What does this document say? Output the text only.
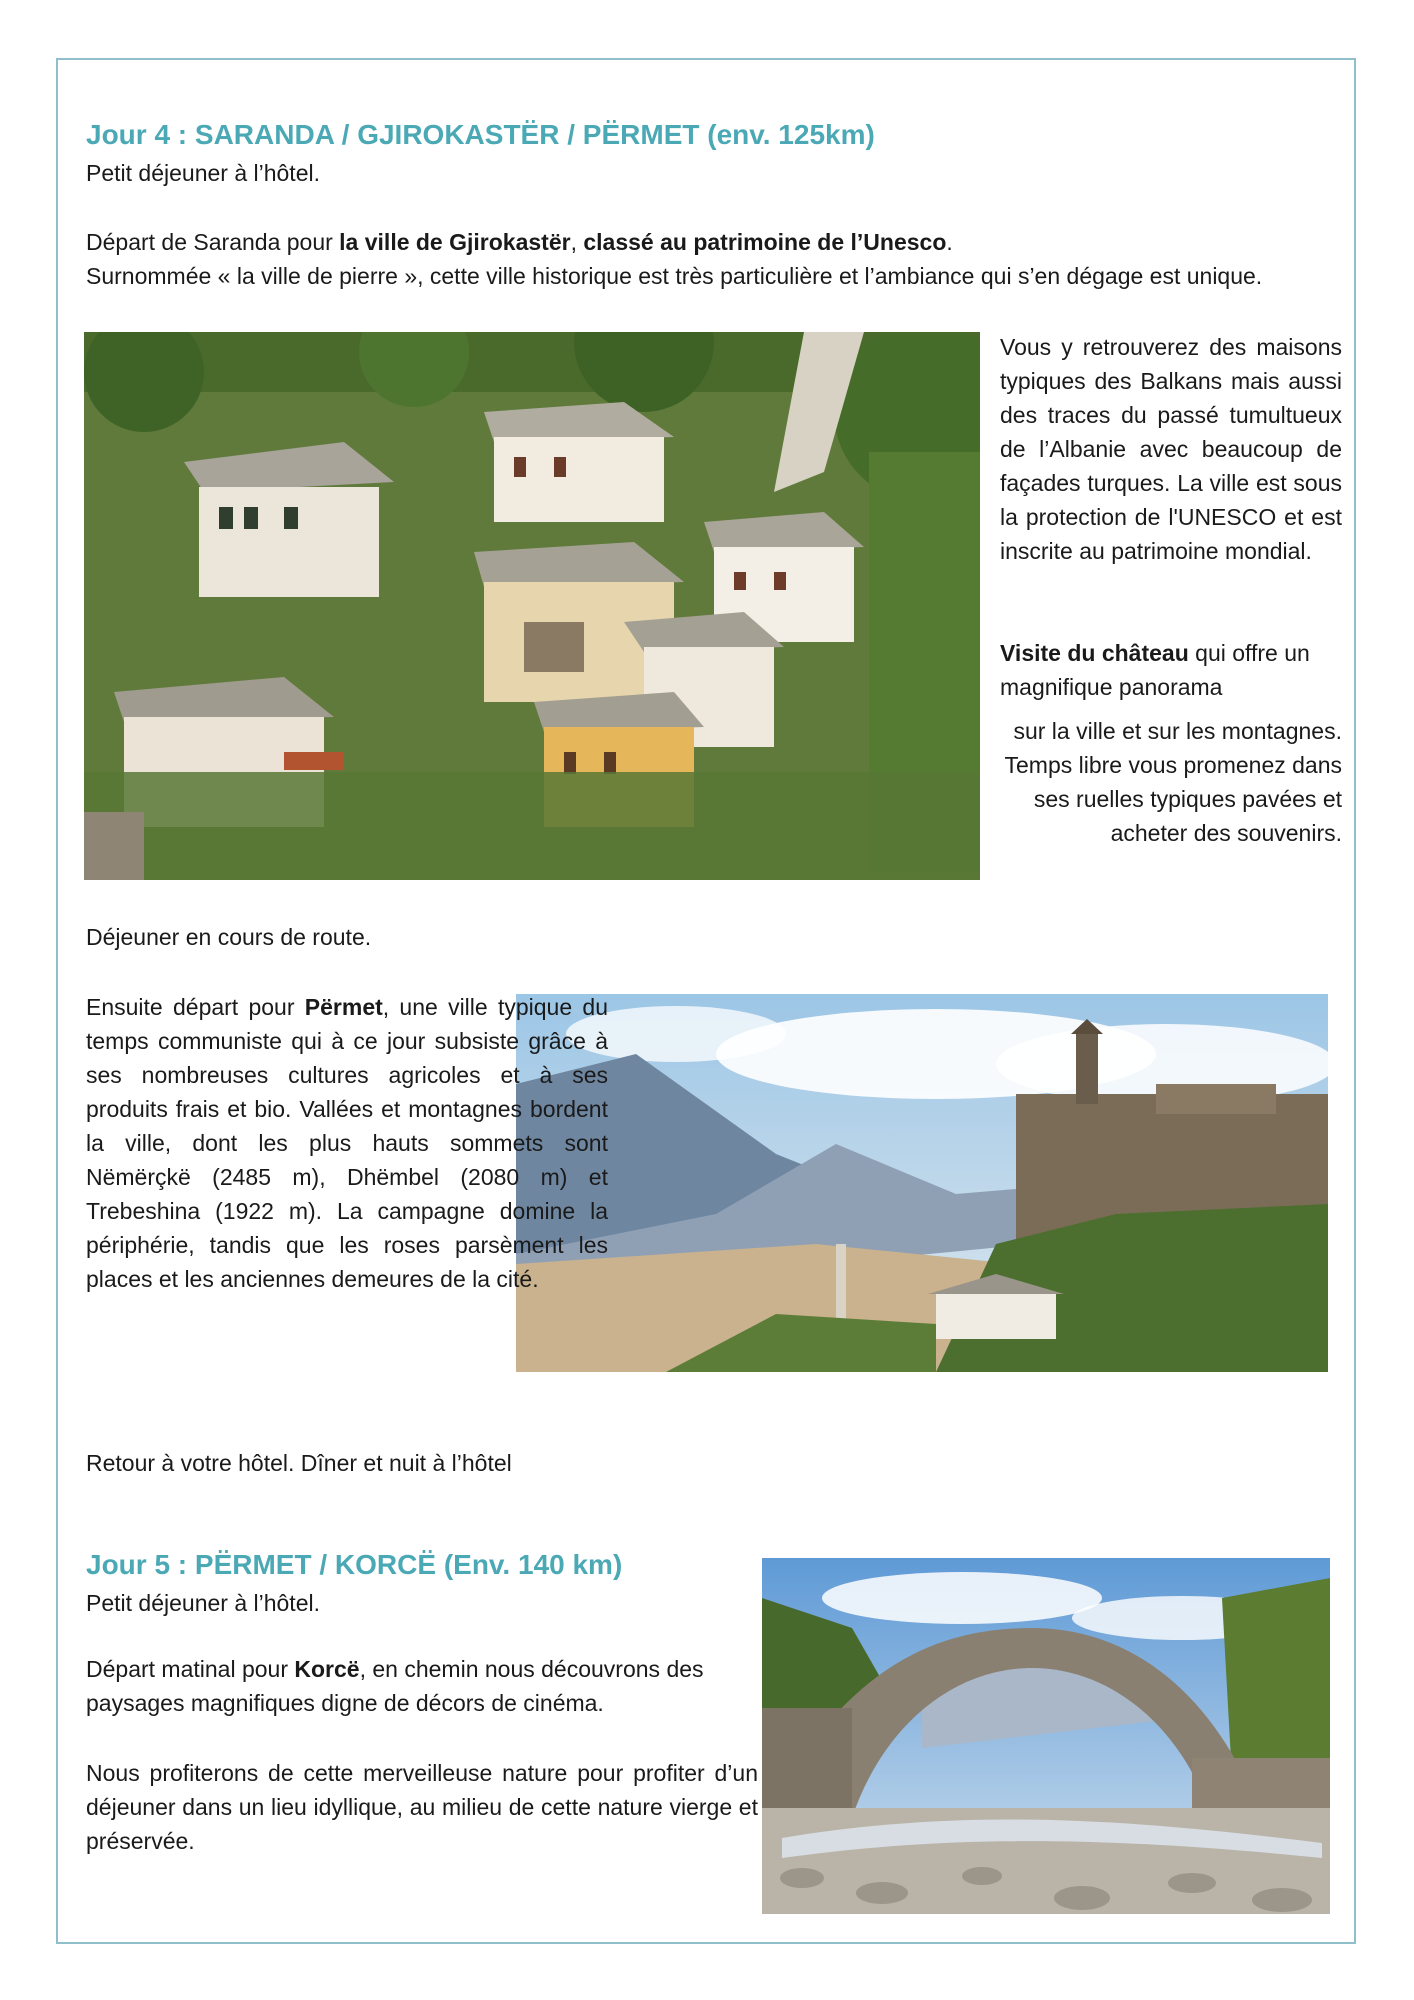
Jour 4 : SARANDA / GJIROKASTËR / PËRMET (env. 125km)

Petit déjeuner à l’hôtel.

Départ de Saranda pour la ville de Gjirokastër, classé au patrimoine de l’Unesco.

Surnommée « la ville de pierre », cette ville historique est très particulière et l’ambiance qui s’en dégage est unique.

Vous y retrouverez des maisons typiques des Balkans mais aussi des traces du passé tumultueux de l’Albanie avec beaucoup de façades turques. La ville est sous la protection de l'UNESCO et est inscrite au patrimoine mondial.

Visite du château qui offre un magnifique panorama

sur la ville et sur les montagnes. Temps libre vous promenez dans ses ruelles typiques pavées et acheter des souvenirs.

Déjeuner en cours de route.

Ensuite départ pour Përmet, une ville typique du temps communiste qui à ce jour subsiste grâce à ses nombreuses cultures agricoles et à ses produits frais et bio. Vallées et montagnes bordent la ville, dont les plus hauts sommets sont Nëmërçkë (2485 m), Dhëmbel (2080 m) et Trebeshina (1922 m). La campagne domine la périphérie, tandis que les roses parsèment les places et les anciennes demeures de la cité.

Retour à votre hôtel. Dîner et nuit à l’hôtel

Jour 5 : PËRMET / KORCË (Env. 140 km)

Petit déjeuner à l’hôtel.

Départ matinal pour Korcë, en chemin nous découvrons des paysages magnifiques digne de décors de cinéma.

Nous profiterons de cette merveilleuse nature pour profiter d’un déjeuner dans un lieu idyllique, au milieu de cette nature vierge et préservée.
